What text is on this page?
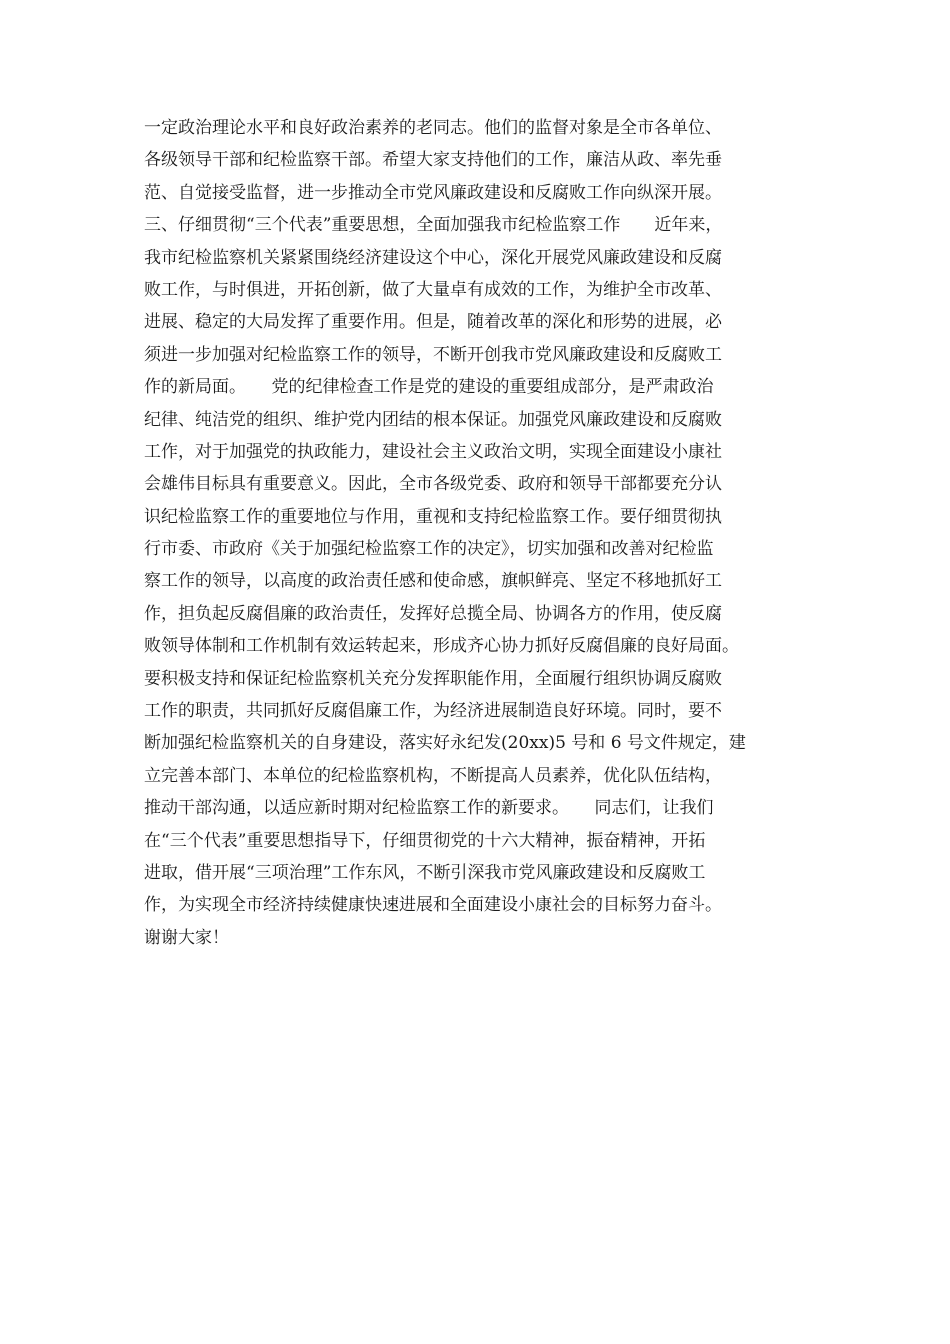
一定政治理论水平和良好政治素养的老同志。他们的监督对象是全市各单位、
各级领导干部和纪检监察干部。希望大家支持他们的工作，廉洁从政、率先垂
范、自觉接受监督，进一步推动全市党风廉政建设和反腐败工作向纵深开展。
三、仔细贯彻“三个代表”重要思想，全面加强我市纪检监察工作　　近年来，
我市纪检监察机关紧紧围绕经济建设这个中心，深化开展党风廉政建设和反腐
败工作，与时俱进，开拓创新，做了大量卓有成效的工作，为维护全市改革、
进展、稳定的大局发挥了重要作用。但是，随着改革的深化和形势的进展，必
须进一步加强对纪检监察工作的领导，不断开创我市党风廉政建设和反腐败工
作的新局面。　　党的纪律检查工作是党的建设的重要组成部分，是严肃政治
纪律、纯洁党的组织、维护党内团结的根本保证。加强党风廉政建设和反腐败
工作，对于加强党的执政能力，建设社会主义政治文明，实现全面建设小康社
会雄伟目标具有重要意义。因此，全市各级党委、政府和领导干部都要充分认
识纪检监察工作的重要地位与作用，重视和支持纪检监察工作。要仔细贯彻执
行市委、市政府《关于加强纪检监察工作的决定》，切实加强和改善对纪检监
察工作的领导，以高度的政治责任感和使命感，旗帜鲜亮、坚定不移地抓好工
作，担负起反腐倡廉的政治责任，发挥好总揽全局、协调各方的作用，使反腐
败领导体制和工作机制有效运转起来，形成齐心协力抓好反腐倡廉的良好局面。
要积极支持和保证纪检监察机关充分发挥职能作用，全面履行组织协调反腐败
工作的职责，共同抓好反腐倡廉工作，为经济进展制造良好环境。同时，要不
断加强纪检监察机关的自身建设，落实好永纪发(20xx)5 号和 6 号文件规定，建
立完善本部门、本单位的纪检监察机构，不断提高人员素养，优化队伍结构，
推动干部沟通，以适应新时期对纪检监察工作的新要求。　　同志们，让我们
在“三个代表”重要思想指导下，仔细贯彻党的十六大精神，振奋精神，开拓
进取，借开展“三项治理”工作东风，不断引深我市党风廉政建设和反腐败工
作，为实现全市经济持续健康快速进展和全面建设小康社会的目标努力奋斗。
谢谢大家！
